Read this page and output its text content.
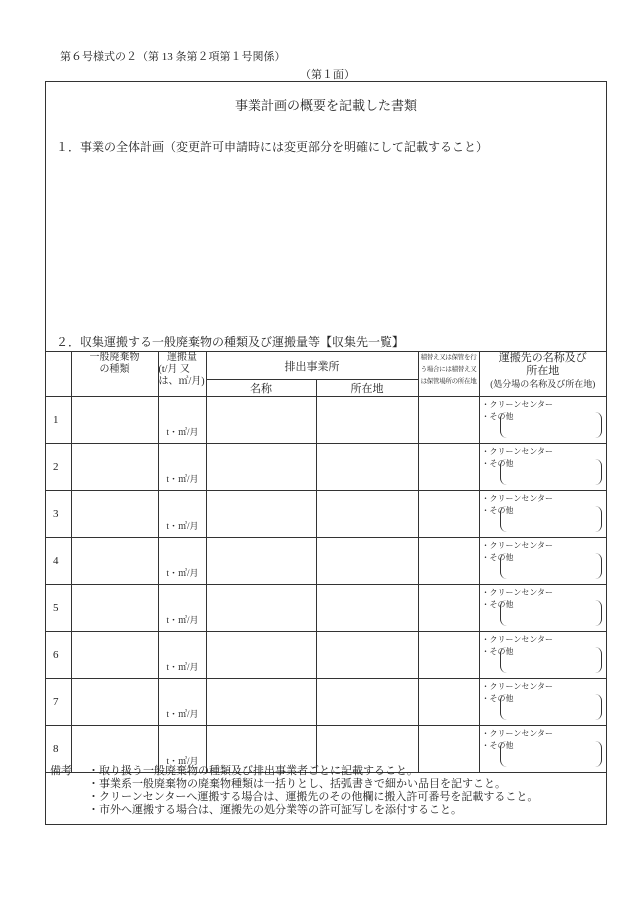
第６号様式の２（第 13 条第２項第１号関係）
（第１面）
事業計画の概要を記載した書類
１．事業の全体計画（変更許可申請時には変更部分を明確にして記載すること）
２．収集運搬する一般廃棄物の種類及び運搬量等【収集先一覧】

	一般廃棄物
の種類	運搬量
(t/月 又
は、㎥/月)	排出事業所		積替え又は保管を行
う場合には積替え又
は保管場所の所在地	運搬先の名称及び
所在地
(処分場の名称及び所在地)

			名称	所在地		
1		t・㎥/月				・クリーンセンター
・その他

2		t・㎥/月				・クリーンセンター
・その他

3		t・㎥/月				・クリーンセンター
・その他

4		t・㎥/月				・クリーンセンター
・その他

5		t・㎥/月				・クリーンセンター
・その他

6		t・㎥/月				・クリーンセンター
・その他

7		t・㎥/月				・クリーンセンター
・その他

8		t・㎥/月				・クリーンセンター
・その他
備考 ・取り扱う一般廃棄物の種類及び排出事業者ごとに記載すること。
・事業系一般廃棄物の廃棄物種類は一括りとし、括弧書きで細かい品目を記すこと。
・クリーンセンターへ運搬する場合は、運搬先のその他欄に搬入許可番号を記載すること。
・市外へ運搬する場合は、運搬先の処分業等の許可証写しを添付すること。
